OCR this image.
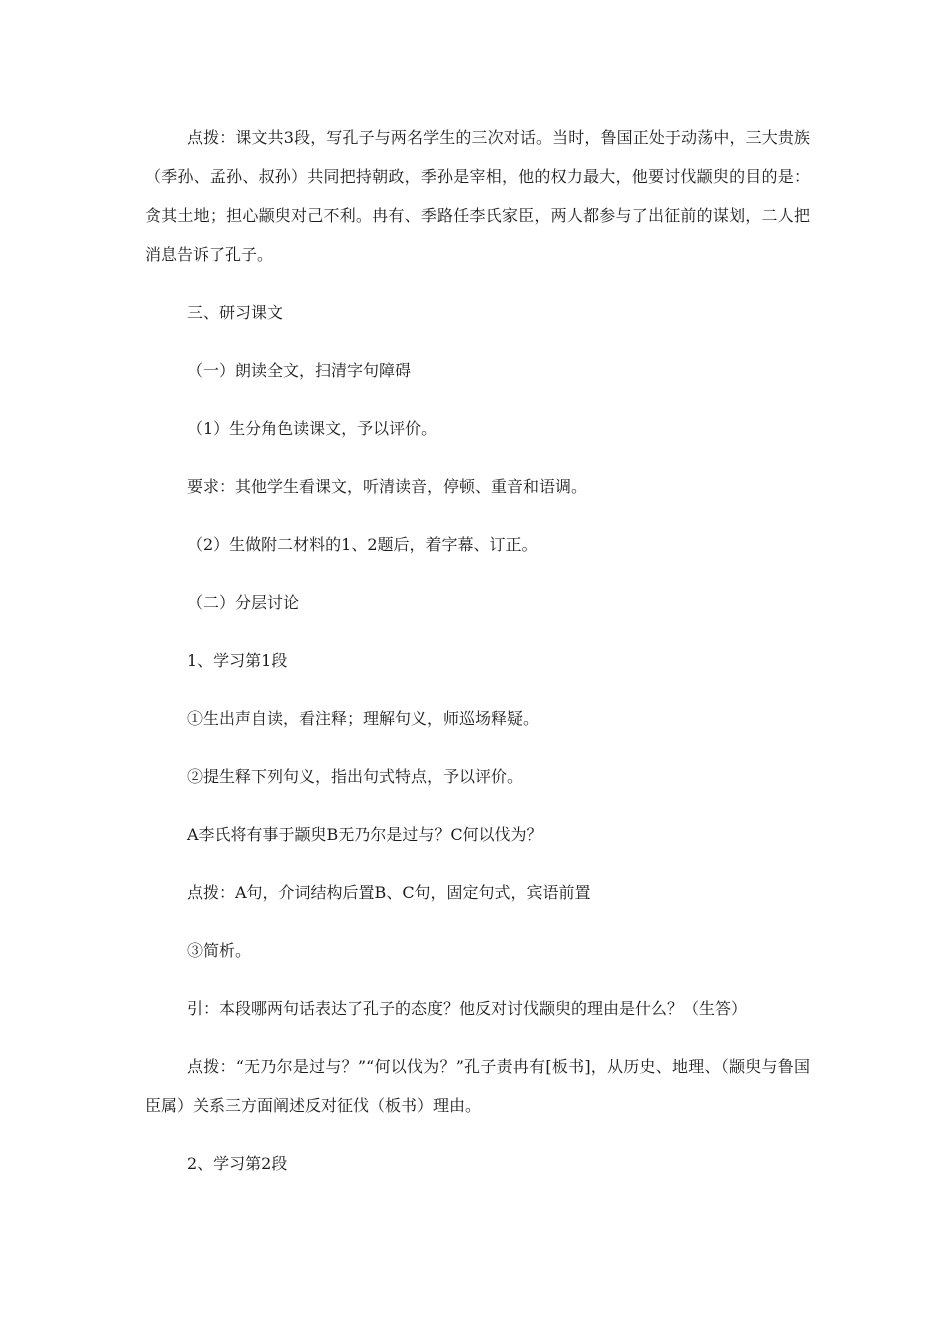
点拨：课文共3段，写孔子与两名学生的三次对话。当时，鲁国正处于动荡中，三大贵族（季孙、孟孙、叔孙）共同把持朝政，季孙是宰相，他的权力最大，他要讨伐颛臾的目的是：贪其土地；担心颛臾对己不利。冉有、季路任李氏家臣，两人都参与了出征前的谋划，二人把消息告诉了孔子。

三、研习课文

（一）朗读全文，扫清字句障碍

（1）生分角色读课文，予以评价。

要求：其他学生看课文，听清读音，停顿、重音和语调。

（2）生做附二材料的1、2题后，着字幕、订正。

（二）分层讨论

1、学习第1段

①生出声自读，看注释；理解句义，师巡场释疑。

②提生释下列句义，指出句式特点，予以评价。

A李氏将有事于颛臾B无乃尔是过与？C何以伐为？

点拨：A句，介词结构后置B、C句，固定句式，宾语前置

③简析。

引：本段哪两句话表达了孔子的态度？他反对讨伐颛臾的理由是什么？（生答）

点拨：“无乃尔是过与？”“何以伐为？”孔子责冉有[板书]，从历史、地理、（颛臾与鲁国臣属）关系三方面阐述反对征伐（板书）理由。

2、学习第2段
